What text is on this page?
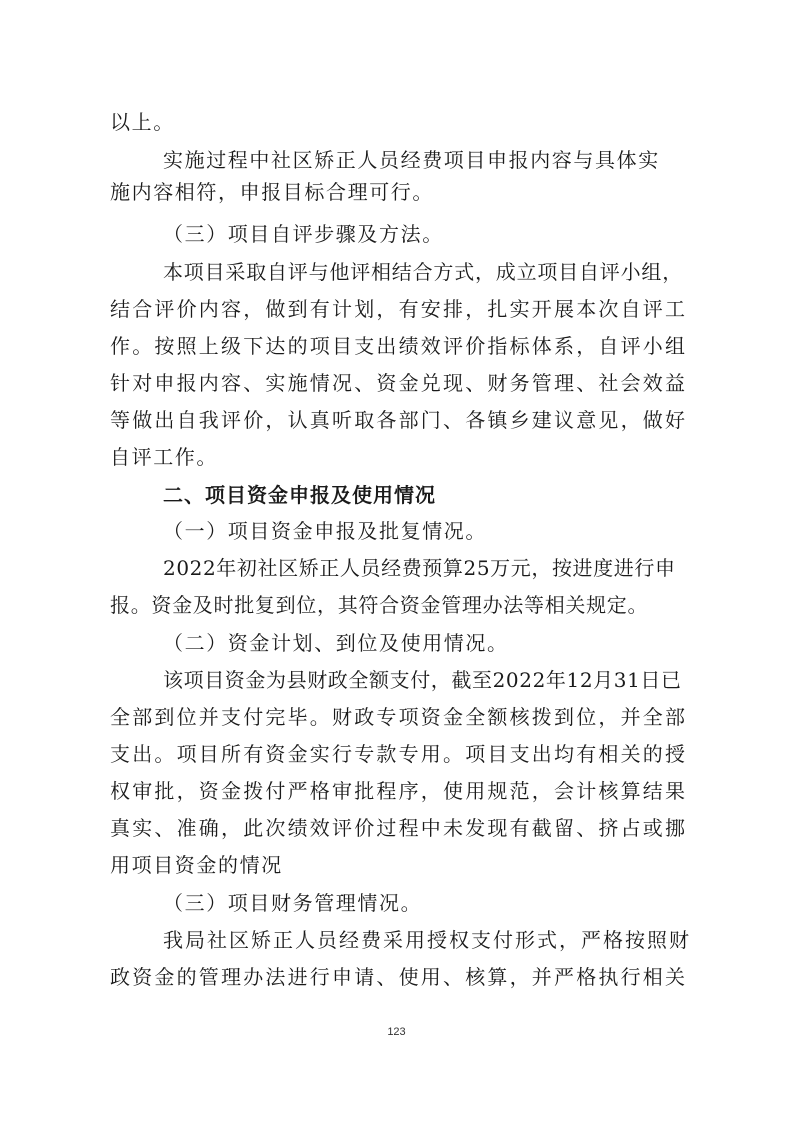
以上。
实施过程中社区矫正人员经费项目申报内容与具体实
施内容相符，申报目标合理可行。
（三）项目自评步骤及方法。
本项目采取自评与他评相结合方式，成立项目自评小组，
结合评价内容，做到有计划，有安排，扎实开展本次自评工
作。按照上级下达的项目支出绩效评价指标体系，自评小组
针对申报内容、实施情况、资金兑现、财务管理、社会效益
等做出自我评价，认真听取各部门、各镇乡建议意见，做好
自评工作。
二、项目资金申报及使用情况
（一）项目资金申报及批复情况。
2022年初社区矫正人员经费预算25万元，按进度进行申
报。资金及时批复到位，其符合资金管理办法等相关规定。
（二）资金计划、到位及使用情况。
该项目资金为县财政全额支付，截至2022年12月31日已
全部到位并支付完毕。财政专项资金全额核拨到位，并全部
支出。项目所有资金实行专款专用。项目支出均有相关的授
权审批，资金拨付严格审批程序，使用规范，会计核算结果
真实、准确，此次绩效评价过程中未发现有截留、挤占或挪
用项目资金的情况
（三）项目财务管理情况。
我局社区矫正人员经费采用授权支付形式，严格按照财
政资金的管理办法进行申请、使用、核算，并严格执行相关
123
